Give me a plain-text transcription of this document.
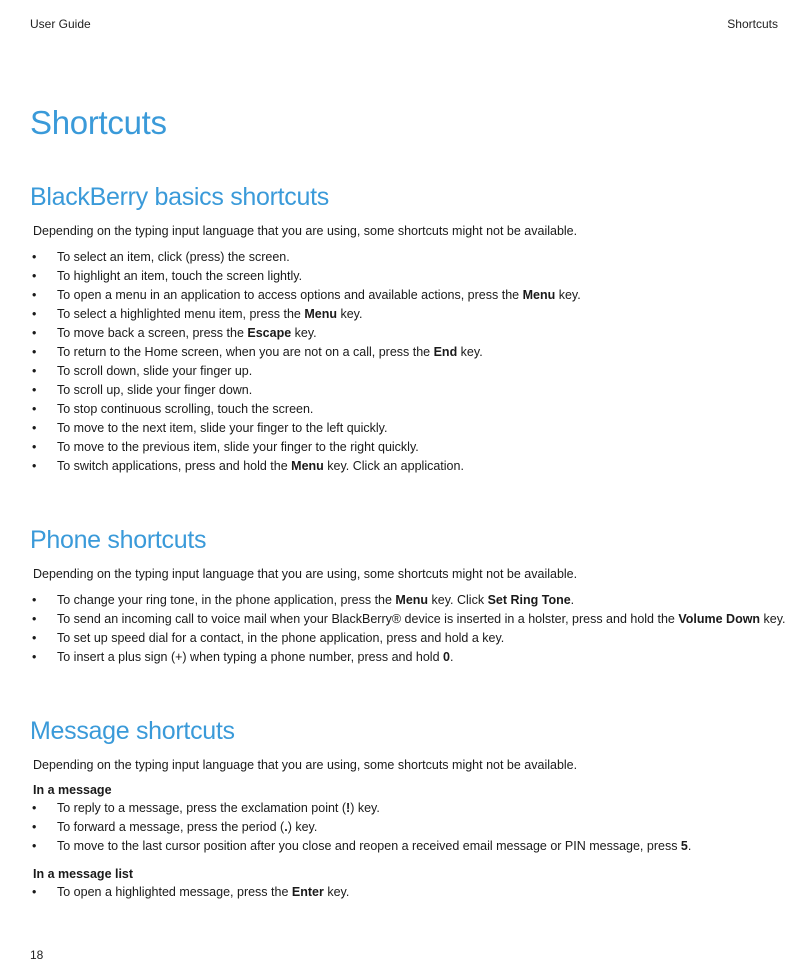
User Guide	Shortcuts
Shortcuts
BlackBerry basics shortcuts

Depending on the typing input language that you are using, some shortcuts might not be available.

• To select an item, click (press) the screen.
• To highlight an item, touch the screen lightly.
• To open a menu in an application to access options and available actions, press the Menu key.
• To select a highlighted menu item, press the Menu key.
• To move back a screen, press the Escape key.
• To return to the Home screen, when you are not on a call, press the End key.
• To scroll down, slide your finger up.
• To scroll up, slide your finger down.
• To stop continuous scrolling, touch the screen.
• To move to the next item, slide your finger to the left quickly.
• To move to the previous item, slide your finger to the right quickly.
• To switch applications, press and hold the Menu key. Click an application.
Phone shortcuts

Depending on the typing input language that you are using, some shortcuts might not be available.

• To change your ring tone, in the phone application, press the Menu key. Click Set Ring Tone.
• To send an incoming call to voice mail when your BlackBerry® device is inserted in a holster, press and hold the Volume Down key.
• To set up speed dial for a contact, in the phone application, press and hold a key.
• To insert a plus sign (+) when typing a phone number, press and hold 0.
Message shortcuts

Depending on the typing input language that you are using, some shortcuts might not be available.

In a message
• To reply to a message, press the exclamation point (!) key.
• To forward a message, press the period (.) key.
• To move to the last cursor position after you close and reopen a received email message or PIN message, press 5.
In a message list
• To open a highlighted message, press the Enter key.
18
